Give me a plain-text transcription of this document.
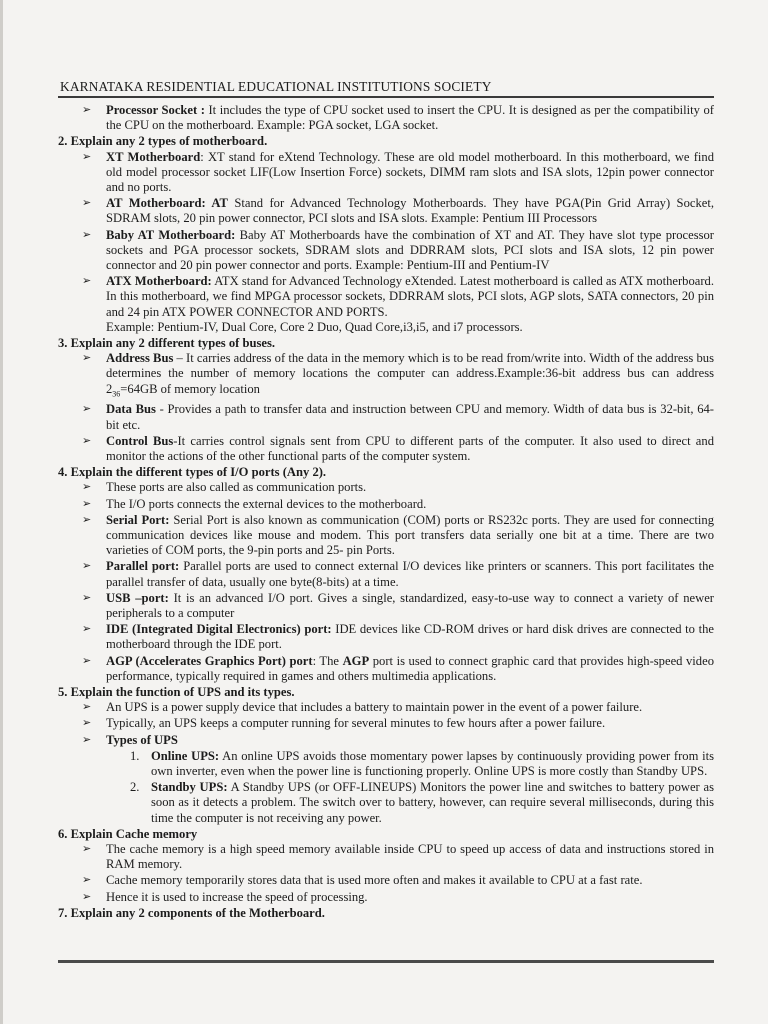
KARNATAKA RESIDENTIAL EDUCATIONAL INSTITUTIONS SOCIETY
➢ Processor Socket : It includes the type of CPU socket used to insert the CPU. It is designed as per the compatibility of the CPU on the motherboard. Example: PGA socket, LGA socket.

2. Explain any 2 types of motherboard.

➢ XT Motherboard: XT stand for eXtend Technology. These are old model motherboard. In this motherboard, we find old model processor socket LIF(Low Insertion Force) sockets, DIMM ram slots and ISA slots, 12pin power connector and no ports.
➢ AT Motherboard: AT Stand for Advanced Technology Motherboards. They have PGA(Pin Grid Array) Socket, SDRAM slots, 20 pin power connector, PCI slots and ISA slots. Example: Pentium III Processors
➢ Baby AT Motherboard: Baby AT Motherboards have the combination of XT and AT. They have slot type processor sockets and PGA processor sockets, SDRAM slots and DDRRAM slots, PCI slots and ISA slots, 12 pin power connector and 20 pin power connector and ports. Example: Pentium-III and Pentium-IV
➢ ATX Motherboard: ATX stand for Advanced Technology eXtended. Latest motherboard is called as ATX motherboard. In this motherboard, we find MPGA processor sockets, DDRRAM slots, PCI slots, AGP slots, SATA connectors, 20 pin and 24 pin ATX POWER CONNECTOR AND PORTS.
Example: Pentium-IV, Dual Core, Core 2 Duo, Quad Core,i3,i5, and i7 processors.

3. Explain any 2 different types of buses.

➢ Address Bus – It carries address of the data in the memory which is to be read from/write into. Width of the address bus determines the number of memory locations the computer can address.Example:36-bit address bus can address $2_{36}=64GB$ of memory location
➢ Data Bus - Provides a path to transfer data and instruction between CPU and memory. Width of data bus is 32-bit, 64-bit etc.
➢ Control Bus-It carries control signals sent from CPU to different parts of the computer. It also used to direct and monitor the actions of the other functional parts of the computer system.

4. Explain the different types of I/O ports (Any 2).

➢ These ports are also called as communication ports.
➢ The I/O ports connects the external devices to the motherboard.
➢ Serial Port: Serial Port is also known as communication (COM) ports or RS232c ports. They are used for connecting communication devices like mouse and modem. This port transfers data serially one bit at a time. There are two varieties of COM ports, the 9-pin ports and 25- pin Ports.
➢ Parallel port: Parallel ports are used to connect external I/O devices like printers or scanners. This port facilitates the parallel transfer of data, usually one byte(8-bits) at a time.
➢ USB –port: It is an advanced I/O port. Gives a single, standardized, easy-to-use way to connect a variety of newer peripherals to a computer
➢ IDE (Integrated Digital Electronics) port: IDE devices like CD-ROM drives or hard disk drives are connected to the motherboard through the IDE port.
➢ AGP (Accelerates Graphics Port) port: The AGP port is used to connect graphic card that provides high-speed video performance, typically required in games and others multimedia applications.

5. Explain the function of UPS and its types.

➢ An UPS is a power supply device that includes a battery to maintain power in the event of a power failure.
➢ Typically, an UPS keeps a computer running for several minutes to few hours after a power failure.
➢ Types of UPS
1. Online UPS: An online UPS avoids those momentary power lapses by continuously providing power from its own inverter, even when the power line is functioning properly. Online UPS is more costly than Standby UPS.
2. Standby UPS: A Standby UPS (or OFF-LINEUPS) Monitors the power line and switches to battery power as soon as it detects a problem. The switch over to battery, however, can require several milliseconds, during this time the computer is not receiving any power.

6. Explain Cache memory

➢ The cache memory is a high speed memory available inside CPU to speed up access of data and instructions stored in RAM memory.
➢ Cache memory temporarily stores data that is used more often and makes it available to CPU at a fast rate.
➢ Hence it is used to increase the speed of processing.

7. Explain any 2 components of the Motherboard.
